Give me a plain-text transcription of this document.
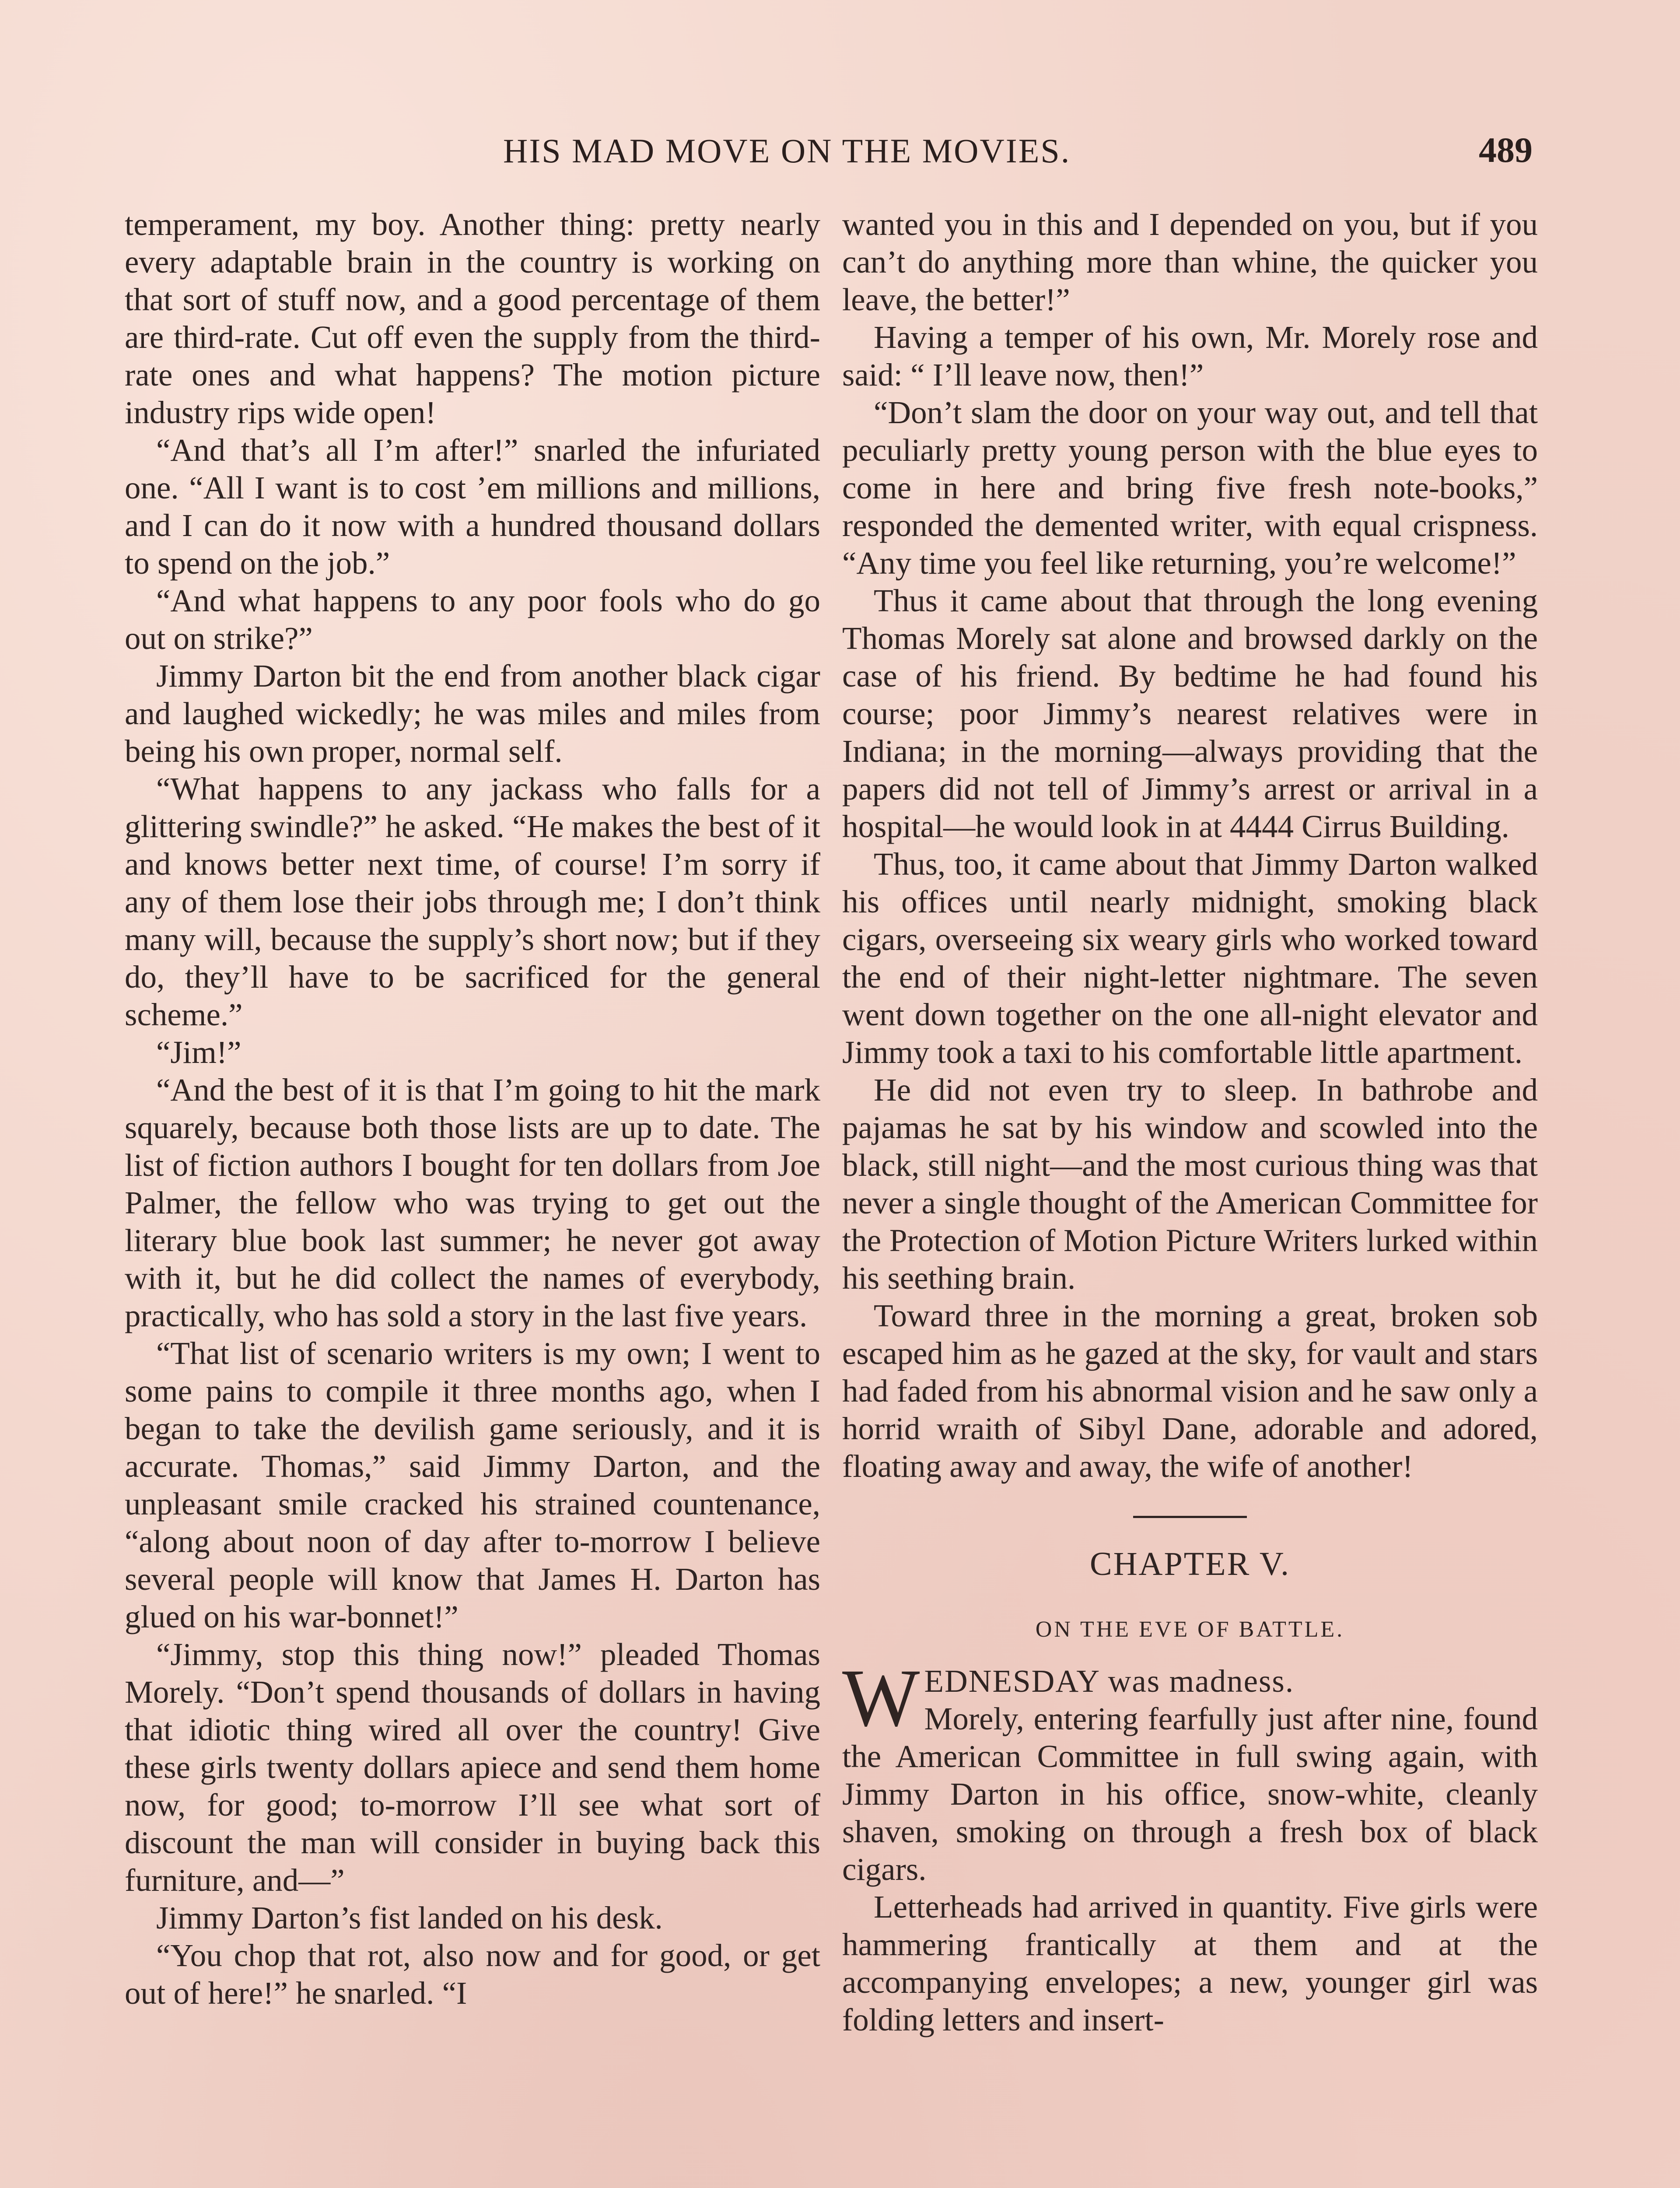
HIS MAD MOVE ON THE MOVIES.	489

temperament, my boy. Another thing: pretty nearly every adaptable brain in the country is working on that sort of stuff now, and a good percentage of them are third-rate. Cut off even the supply from the third-rate ones and what happens? The motion picture industry rips wide open!

“And that’s all I’m after!” snarled the infuriated one. “All I want is to cost ’em millions and millions, and I can do it now with a hundred thousand dollars to spend on the job.”

“And what happens to any poor fools who do go out on strike?”

Jimmy Darton bit the end from another black cigar and laughed wickedly; he was miles and miles from being his own proper, normal self.

“What happens to any jackass who falls for a glittering swindle?” he asked. “He makes the best of it and knows better next time, of course! I’m sorry if any of them lose their jobs through me; I don’t think many will, because the supply’s short now; but if they do, they’ll have to be sacrificed for the general scheme.”

“Jim!”

“And the best of it is that I’m going to hit the mark squarely, because both those lists are up to date. The list of fiction authors I bought for ten dollars from Joe Palmer, the fellow who was trying to get out the literary blue book last summer; he never got away with it, but he did collect the names of everybody, practically, who has sold a story in the last five years.

“That list of scenario writers is my own; I went to some pains to compile it three months ago, when I began to take the devilish game seriously, and it is accurate. Thomas,” said Jimmy Darton, and the unpleasant smile cracked his strained countenance, “along about noon of day after to-morrow I believe several people will know that James H. Darton has glued on his war-bonnet!”

“Jimmy, stop this thing now!” pleaded Thomas Morely. “Don’t spend thousands of dollars in having that idiotic thing wired all over the country! Give these girls twenty dollars apiece and send them home now, for good; to-morrow I’ll see what sort of discount the man will consider in buying back this furniture, and—”

Jimmy Darton’s fist landed on his desk.

“You chop that rot, also now and for good, or get out of here!” he snarled. “I

wanted you in this and I depended on you, but if you can’t do anything more than whine, the quicker you leave, the better!”

Having a temper of his own, Mr. Morely rose and said: “ I’ll leave now, then!”

“Don’t slam the door on your way out, and tell that peculiarly pretty young person with the blue eyes to come in here and bring five fresh note-books,” responded the demented writer, with equal crispness. “Any time you feel like returning, you’re welcome!”

Thus it came about that through the long evening Thomas Morely sat alone and browsed darkly on the case of his friend. By bedtime he had found his course; poor Jimmy’s nearest relatives were in Indiana; in the morning—always providing that the papers did not tell of Jimmy’s arrest or arrival in a hospital—he would look in at 4444 Cirrus Building.

Thus, too, it came about that Jimmy Darton walked his offices until nearly midnight, smoking black cigars, overseeing six weary girls who worked toward the end of their night-letter nightmare. The seven went down together on the one all-night elevator and Jimmy took a taxi to his comfortable little apartment.

He did not even try to sleep. In bathrobe and pajamas he sat by his window and scowled into the black, still night—and the most curious thing was that never a single thought of the American Committee for the Protection of Motion Picture Writers lurked within his seething brain.

Toward three in the morning a great, broken sob escaped him as he gazed at the sky, for vault and stars had faded from his abnormal vision and he saw only a horrid wraith of Sibyl Dane, adorable and adored, floating away and away, the wife of another!

CHAPTER V.
ON THE EVE OF BATTLE.

WEDNESDAY was madness.
Morely, entering fearfully just after nine, found the American Committee in full swing again, with Jimmy Darton in his office, snow-white, cleanly shaven, smoking on through a fresh box of black cigars.

Letterheads had arrived in quantity. Five girls were hammering frantically at them and at the accompanying envelopes; a new, younger girl was folding letters and insert-
